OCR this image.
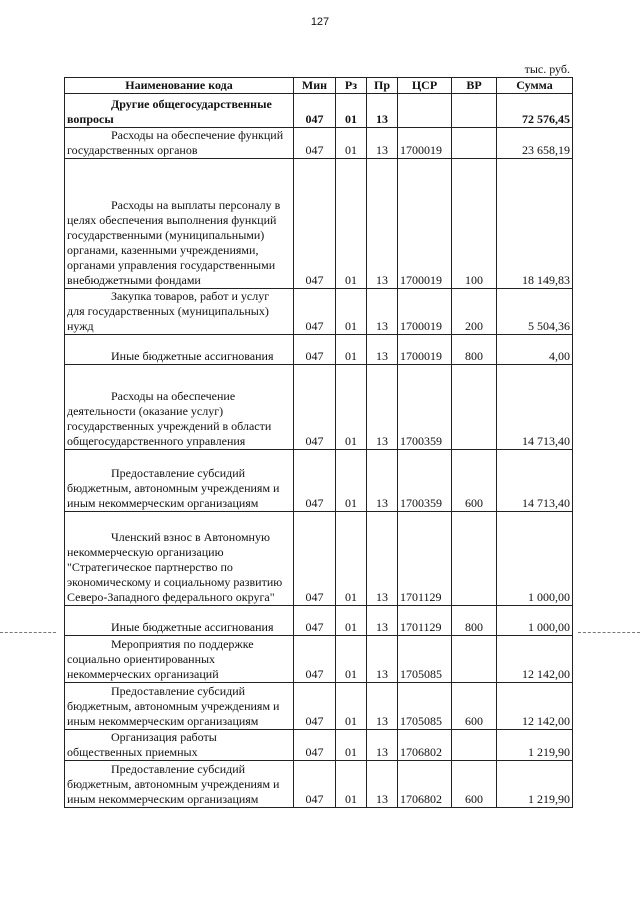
127
тыс. руб.
Наименование кода	Мин	Рз	Пр	ЦСР	ВР	Сумма

Другие общегосударственные
вопросы	047	01	13			72 576,45

Расходы на обеспечение функций
государственных органов	047	01	13	1700019		23 658,19

Расходы на выплаты персоналу в
целях обеспечения выполнения функций государственными (муниципальными) органами, казенными учреждениями, органами управления государственными внебюджетными фондами	047	01	13	1700019	100	18 149,83

Закупка товаров, работ и услуг
для государственных (муниципальных) нужд	047	01	13	1700019	200	5 504,36

Иные бюджетные ассигнования	047	01	13	1700019	800	4,00

Расходы на обеспечение
деятельности (оказание услуг) государственных учреждений в области общегосударственного управления	047	01	13	1700359		14 713,40

Предоставление субсидий
бюджетным, автономным учреждениям и иным некоммерческим организациям	047	01	13	1700359	600	14 713,40

Членский взнос в Автономную
некоммерческую организацию "Стратегическое партнерство по экономическому и социальному развитию Северо-Западного федерального округа"	047	01	13	1701129		1 000,00

Иные бюджетные ассигнования	047	01	13	1701129	800	1 000,00

Мероприятия по поддержке
социально ориентированных некоммерческих организаций	047	01	13	1705085		12 142,00

Предоставление субсидий
бюджетным, автономным учреждениям и иным некоммерческим организациям	047	01	13	1705085	600	12 142,00

Организация работы
общественных приемных	047	01	13	1706802		1 219,90

Предоставление субсидий
бюджетным, автономным учреждениям и иным некоммерческим организациям	047	01	13	1706802	600	1 219,90
